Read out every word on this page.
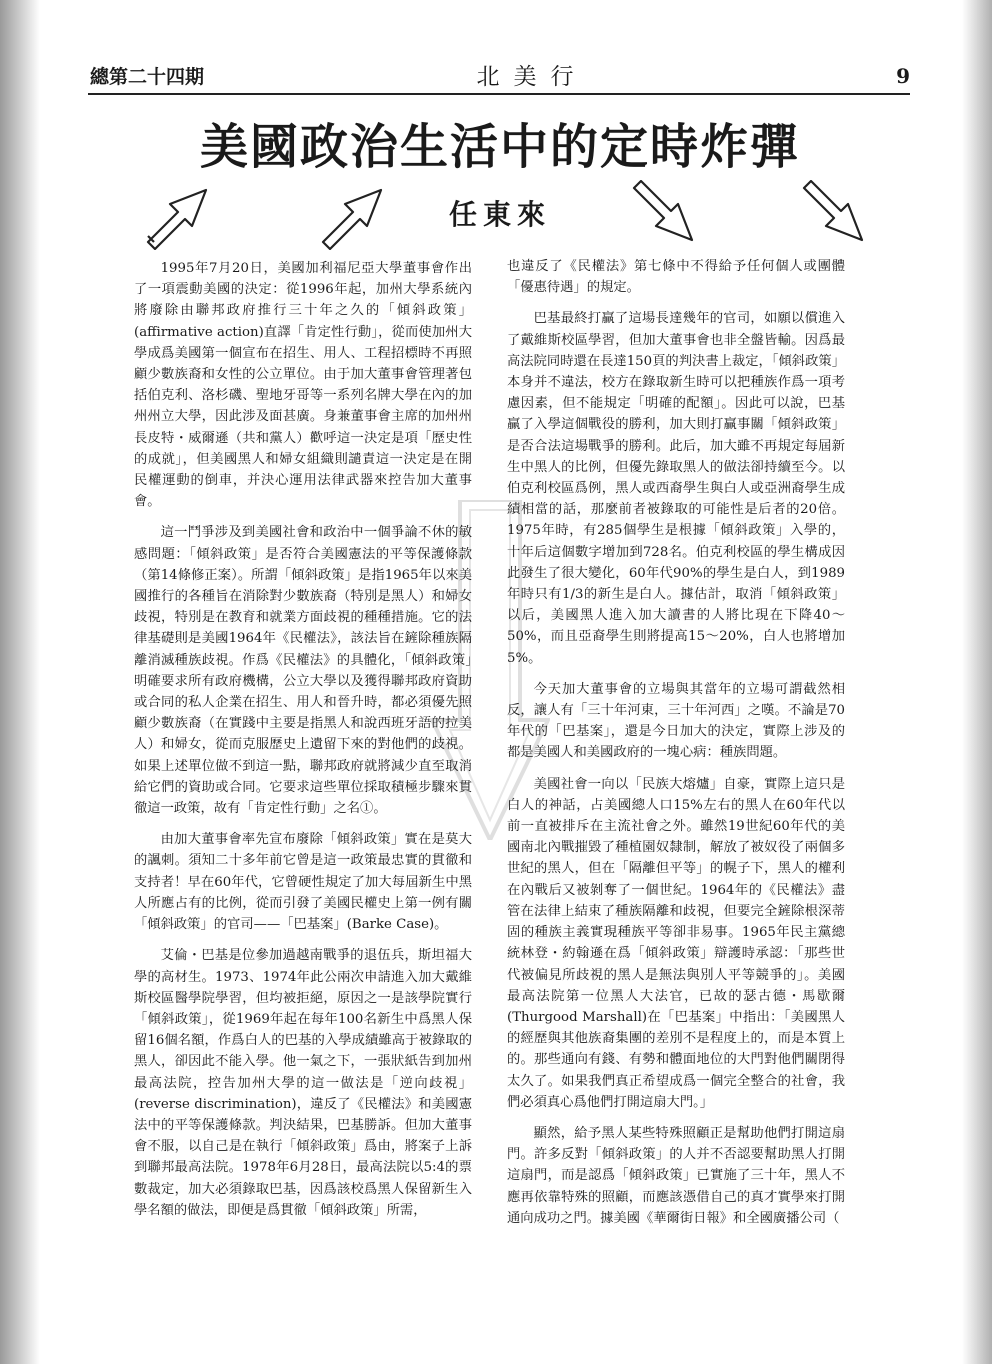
總第二十四期	北美行	9
美國政治生活中的定時炸彈
任東來

1995年7月20日，美國加利福尼亞大學董事會作出了一項震動美國的決定：從1996年起，加州大學系統內將廢除由聯邦政府推行三十年之久的「傾斜政策」(affirmative action)直譯「肯定性行動」，從而使加州大學成爲美國第一個宣布在招生、用人、工程招標時不再照顧少數族裔和女性的公立單位。由于加大董事會管理著包括伯克利、洛杉磯、聖地牙哥等一系列名牌大學在內的加州州立大學，因此涉及面甚廣。身兼董事會主席的加州州長皮特・威爾遜（共和黨人）歡呼這一決定是項「歷史性的成就」，但美國黑人和婦女組織則譴責這一決定是在開民權運動的倒車，并決心運用法律武器來控告加大董事會。

這一鬥爭涉及到美國社會和政治中一個爭論不休的敏感問題：「傾斜政策」是否符合美國憲法的平等保護條款（第14條修正案）。所謂「傾斜政策」是指1965年以來美國推行的各種旨在消除對少數族裔（特別是黑人）和婦女歧視，特別是在教育和就業方面歧視的種種措施。它的法律基礎則是美國1964年《民權法》，該法旨在鏟除種族隔離消滅種族歧視。作爲《民權法》的具體化，「傾斜政策」明確要求所有政府機構，公立大學以及獲得聯邦政府資助或合同的私人企業在招生、用人和晉升時，都必須優先照顧少數族裔（在實踐中主要是指黑人和說西班牙語的拉美人）和婦女，從而克服歷史上遺留下來的對他們的歧視。如果上述單位做不到這一點，聯邦政府就將減少直至取消給它們的資助或合同。它要求這些單位採取積極步驟來貫徹這一政策，故有「肯定性行動」之名①。

由加大董事會率先宣布廢除「傾斜政策」實在是莫大的諷刺。須知二十多年前它曾是這一政策最忠實的貫徹和支持者！早在60年代，它曾硬性規定了加大每屆新生中黑人所應占有的比例，從而引發了美國民權史上第一例有關「傾斜政策」的官司——「巴基案」(Barke Case)。

艾倫・巴基是位參加過越南戰爭的退伍兵，斯坦福大學的高材生。1973、1974年此公兩次申請進入加大戴維斯校區醫學院學習，但均被拒絕，原因之一是該學院實行「傾斜政策」，從1969年起在每年100名新生中爲黑人保留16個名額，作爲白人的巴基的入學成績雖高于被錄取的黑人，卻因此不能入學。他一氣之下，一張狀紙告到加州最高法院，控告加州大學的這一做法是「逆向歧視」(reverse discrimination)，違反了《民權法》和美國憲法中的平等保護條款。判決結果，巴基勝訴。但加大董事會不服，以自己是在執行「傾斜政策」爲由，將案子上訴到聯邦最高法院。1978年6月28日，最高法院以5:4的票數裁定，加大必須錄取巴基，因爲該校爲黑人保留新生入學名額的做法，即便是爲貫徹「傾斜政策」所需，

也違反了《民權法》第七條中不得給予任何個人或團體「優惠待遇」的規定。

巴基最終打贏了這場長達幾年的官司，如願以償進入了戴維斯校區學習，但加大董事會也非全盤皆輸。因爲最高法院同時還在長達150頁的判決書上裁定，「傾斜政策」本身并不違法，校方在錄取新生時可以把種族作爲一項考慮因素，但不能規定「明確的配額」。因此可以說，巴基贏了入學這個戰役的勝利，加大則打贏事關「傾斜政策」是否合法這場戰爭的勝利。此后，加大雖不再規定每屆新生中黑人的比例，但優先錄取黑人的做法卻持續至今。以伯克利校區爲例，黑人或西裔學生與白人或亞洲裔學生成績相當的話，那麼前者被錄取的可能性是后者的20倍。1975年時，有285個學生是根據「傾斜政策」入學的，十年后這個數字增加到728名。伯克利校區的學生構成因此發生了很大變化，60年代90%的學生是白人，到1989年時只有1/3的新生是白人。據估計，取消「傾斜政策」以后，美國黑人進入加大讀書的人將比現在下降40～50%，而且亞裔學生則將提高15～20%，白人也將增加5%。

今天加大董事會的立場與其當年的立場可謂截然相反，讓人有「三十年河東，三十年河西」之嘆。不論是70年代的「巴基案」，還是今日加大的決定，實際上涉及的都是美國人和美國政府的一塊心病：種族問題。

美國社會一向以「民族大熔爐」自豪，實際上這只是白人的神話，占美國總人口15%左右的黑人在60年代以前一直被排斥在主流社會之外。雖然19世紀60年代的美國南北內戰摧毀了種植園奴隸制，解放了被奴役了兩個多世紀的黑人，但在「隔離但平等」的幌子下，黑人的權利在內戰后又被剝奪了一個世紀。1964年的《民權法》盡管在法律上結束了種族隔離和歧視，但要完全鏟除根深蒂固的種族主義實現種族平等卻非易事。1965年民主黨總統林登・約翰遜在爲「傾斜政策」辯護時承認：「那些世代被偏見所歧視的黑人是無法與別人平等競爭的」。美國最高法院第一位黑人大法官，已故的瑟古德・馬歇爾(Thurgood Marshall)在「巴基案」中指出：「美國黑人的經歷與其他族裔集團的差別不是程度上的，而是本質上的。那些通向有錢、有勢和體面地位的大門對他們關閉得太久了。如果我們真正希望成爲一個完全整合的社會，我們必須真心爲他們打開這扇大門。」

顯然，給予黑人某些特殊照顧正是幫助他們打開這扇門。許多反對「傾斜政策」的人并不否認要幫助黑人打開這扇門，而是認爲「傾斜政策」已實施了三十年，黑人不應再依靠特殊的照顧，而應該憑借自己的真才實學來打開通向成功之門。據美國《華爾街日報》和全國廣播公司（
